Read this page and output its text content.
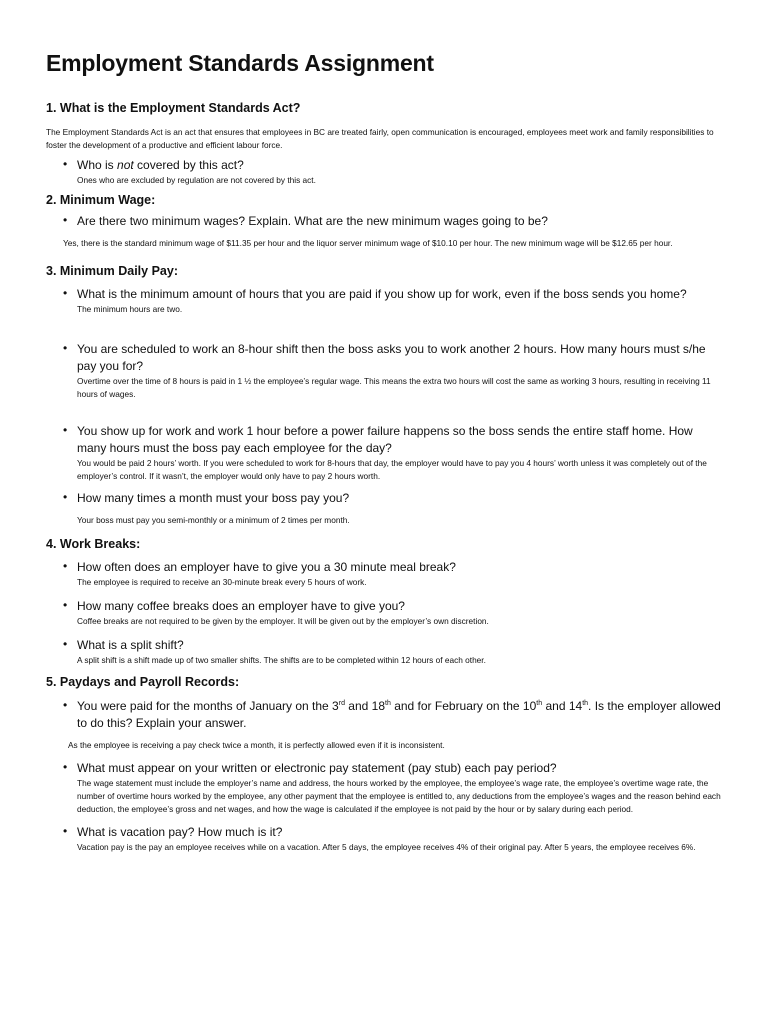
Employment Standards Assignment

1. What is the Employment Standards Act?

The Employment Standards Act is an act that ensures that employees in BC are treated fairly, open communication is encouraged, employees meet work and family responsibilities to foster the development of a productive and efficient labour force.

• Who is not covered by this act?

Ones who are excluded by regulation are not covered by this act.

2. Minimum Wage:

• Are there two minimum wages? Explain. What are the new minimum wages going to be?

Yes, there is the standard minimum wage of $11.35 per hour and the liquor server minimum wage of $10.10 per hour. The new minimum wage will be $12.65 per hour.

3. Minimum Daily Pay:

• What is the minimum amount of hours that you are paid if you show up for work, even if the boss sends you home?

The minimum hours are two.

• You are scheduled to work an 8-hour shift then the boss asks you to work another 2 hours. How many hours must s/he pay you for?

Overtime over the time of 8 hours is paid in 1 ½ the employee’s regular wage. This means the extra two hours will cost the same as working 3 hours, resulting in receiving 11 hours of wages.

• You show up for work and work 1 hour before a power failure happens so the boss sends the entire staff home. How many hours must the boss pay each employee for the day?

You would be paid 2 hours’ worth. If you were scheduled to work for 8-hours that day, the employer would have to pay you 4 hours’ worth unless it was completely out of the employer’s control. If it wasn’t, the employer would only have to pay 2 hours worth.

• How many times a month must your boss pay you?

Your boss must pay you semi-monthly or a minimum of 2 times per month.

4. Work Breaks:

• How often does an employer have to give you a 30 minute meal break?

The employee is required to receive an 30-minute break every 5 hours of work.

• How many coffee breaks does an employer have to give you?

Coffee breaks are not required to be given by the employer. It will be given out by the employer’s own discretion.

• What is a split shift?

A split shift is a shift made up of two smaller shifts. The shifts are to be completed within 12 hours of each other.

5. Paydays and Payroll Records:

• You were paid for the months of January on the 3rd and 18th and for February on the 10th and 14th. Is the employer allowed to do this? Explain your answer.

As the employee is receiving a pay check twice a month, it is perfectly allowed even if it is inconsistent.

• What must appear on your written or electronic pay statement (pay stub) each pay period?

The wage statement must include the employer’s name and address, the hours worked by the employee, the employee’s wage rate, the employee’s overtime wage rate, the number of overtime hours worked by the employee, any other payment that the employee is entitled to, any deductions from the employee’s wages and the reason behind each deduction, the employee’s gross and net wages, and how the wage is calculated if the employee is not paid by the hour or by salary during each period.

• What is vacation pay? How much is it?

Vacation pay is the pay an employee receives while on a vacation. After 5 days, the employee receives 4% of their original pay. After 5 years, the employee receives 6%.
